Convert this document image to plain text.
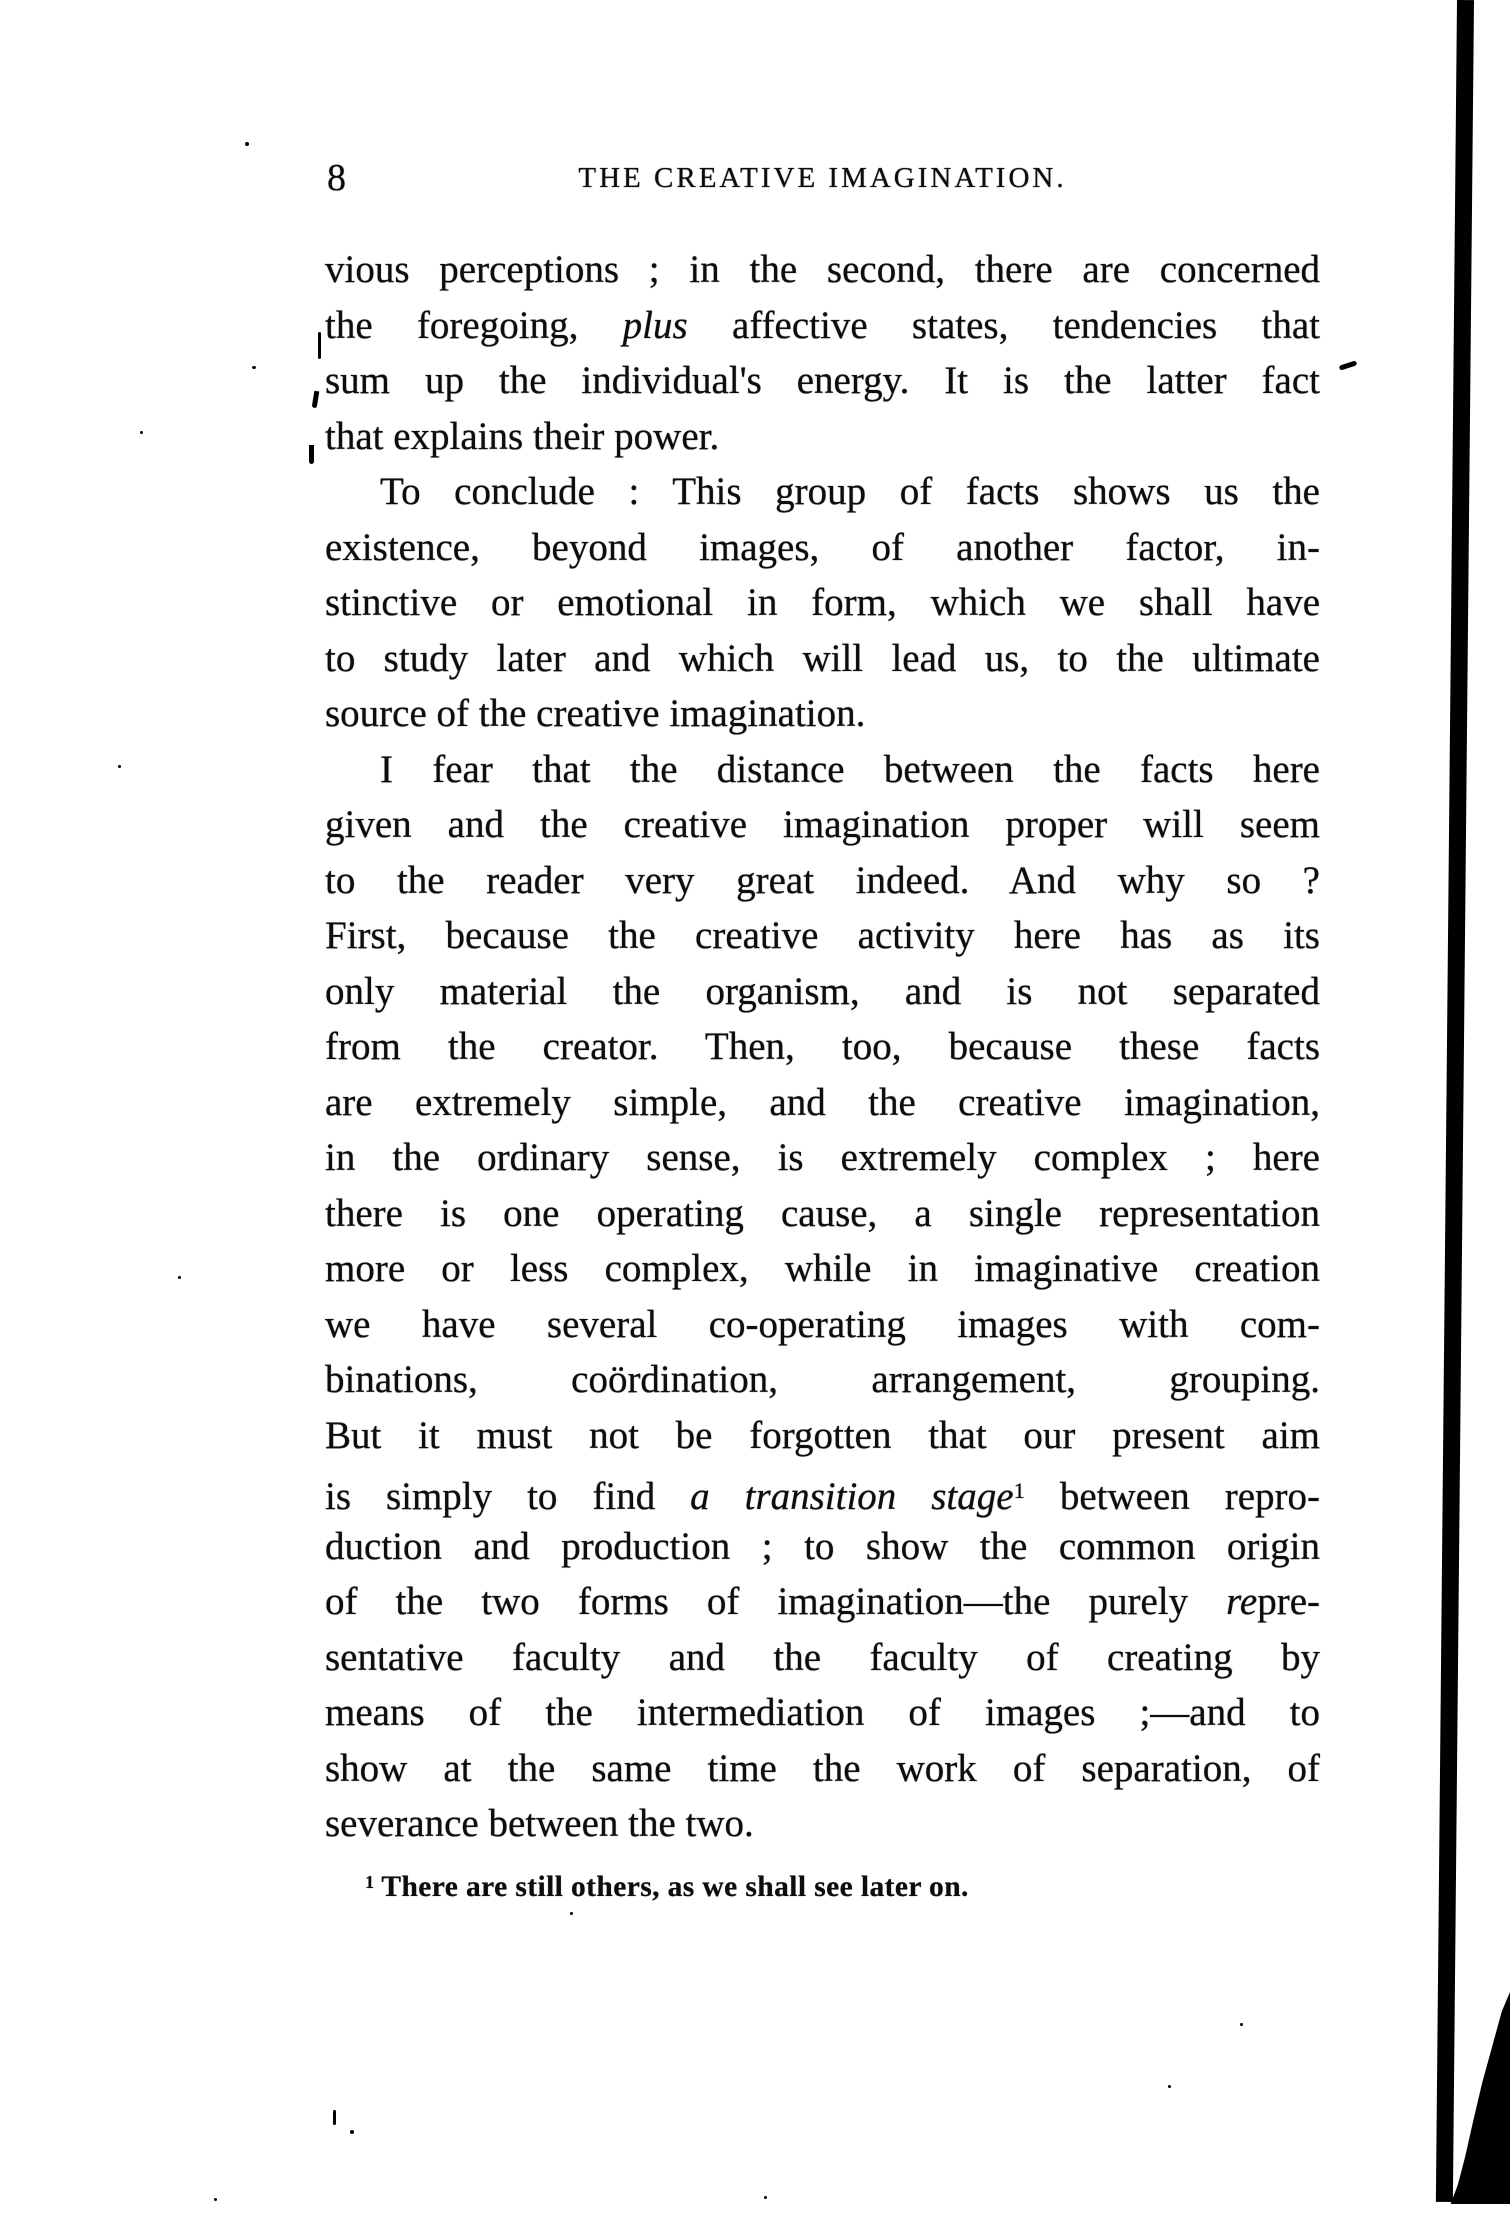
8	THE CREATIVE IMAGINATION.
vious perceptions ; in the second, there are concerned
the foregoing, plus affective states, tendencies that
sum up the individual's energy. It is the latter fact
that explains their power.
To conclude : This group of facts shows us the
existence, beyond images, of another factor, in-
stinctive or emotional in form, which we shall have
to study later and which will lead us, to the ultimate
source of the creative imagination.
I fear that the distance between the facts here
given and the creative imagination proper will seem
to the reader very great indeed. And why so ?
First, because the creative activity here has as its
only material the organism, and is not separated
from the creator. Then, too, because these facts
are extremely simple, and the creative imagination,
in the ordinary sense, is extremely complex ; here
there is one operating cause, a single representation
more or less complex, while in imaginative creation
we have several co-operating images with com-
binations, coördination, arrangement, grouping.
But it must not be forgotten that our present aim
is simply to find a transition stage$^1$ between repro-
duction and production ; to show the common origin
of the two forms of imagination—the purely repre-
sentative faculty and the faculty of creating by
means of the intermediation of images ;—and to
show at the same time the work of separation, of
severance between the two.
$^1$ There are still others, as we shall see later on.
